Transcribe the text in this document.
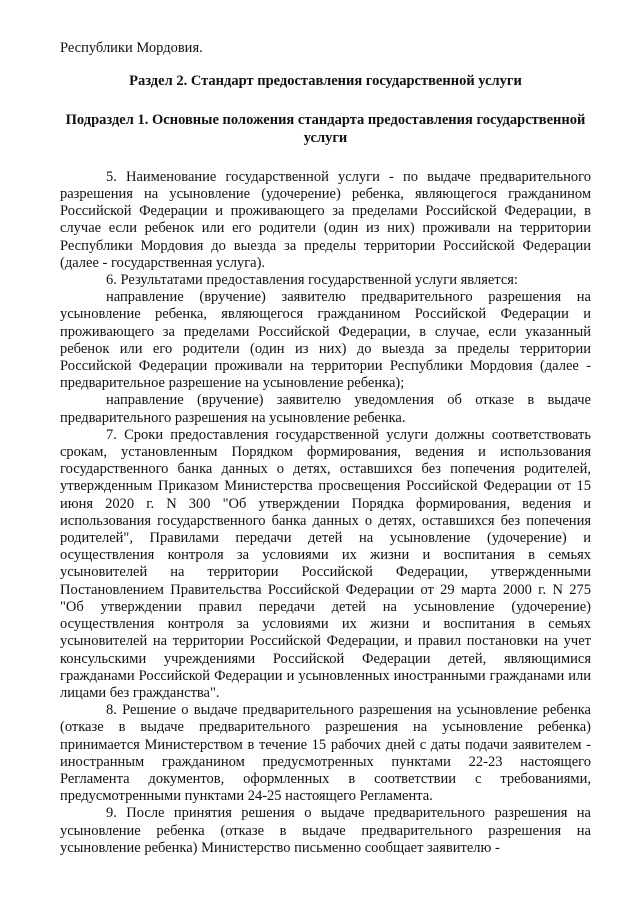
Республики Мордовия.

Раздел 2. Стандарт предоставления государственной услуги

Подраздел 1. Основные положения стандарта предоставления государственной услуги

5. Наименование государственной услуги - по выдаче предварительного разрешения на усыновление (удочерение) ребенка, являющегося гражданином Российской Федерации и проживающего за пределами Российской Федерации, в случае если ребенок или его родители (один из них) проживали на территории Республики Мордовия до выезда за пределы территории Российской Федерации (далее - государственная услуга).

6. Результатами предоставления государственной услуги является:

направление (вручение) заявителю предварительного разрешения на усыновление ребенка, являющегося гражданином Российской Федерации и проживающего за пределами Российской Федерации, в случае, если указанный ребенок или его родители (один из них) до выезда за пределы территории Российской Федерации проживали на территории Республики Мордовия (далее - предварительное разрешение на усыновление ребенка);

направление (вручение) заявителю уведомления об отказе в выдаче предварительного разрешения на усыновление ребенка.

7. Сроки предоставления государственной услуги должны соответствовать срокам, установленным Порядком формирования, ведения и использования государственного банка данных о детях, оставшихся без попечения родителей, утвержденным Приказом Министерства просвещения Российской Федерации от 15 июня 2020 г. N 300 "Об утверждении Порядка формирования, ведения и использования государственного банка данных о детях, оставшихся без попечения родителей", Правилами передачи детей на усыновление (удочерение) и осуществления контроля за условиями их жизни и воспитания в семьях усыновителей на территории Российской Федерации, утвержденными Постановлением Правительства Российской Федерации от 29 марта 2000 г. N 275 "Об утверждении правил передачи детей на усыновление (удочерение) осуществления контроля за условиями их жизни и воспитания в семьях усыновителей на территории Российской Федерации, и правил постановки на учет консульскими учреждениями Российской Федерации детей, являющимися гражданами Российской Федерации и усыновленных иностранными гражданами или лицами без гражданства".

8. Решение о выдаче предварительного разрешения на усыновление ребенка (отказе в выдаче предварительного разрешения на усыновление ребенка) принимается Министерством в течение 15 рабочих дней с даты подачи заявителем - иностранным гражданином предусмотренных пунктами 22-23 настоящего Регламента документов, оформленных в соответствии с требованиями, предусмотренными пунктами 24-25 настоящего Регламента.

9. После принятия решения о выдаче предварительного разрешения на усыновление ребенка (отказе в выдаче предварительного разрешения на усыновление ребенка) Министерство письменно сообщает заявителю -
